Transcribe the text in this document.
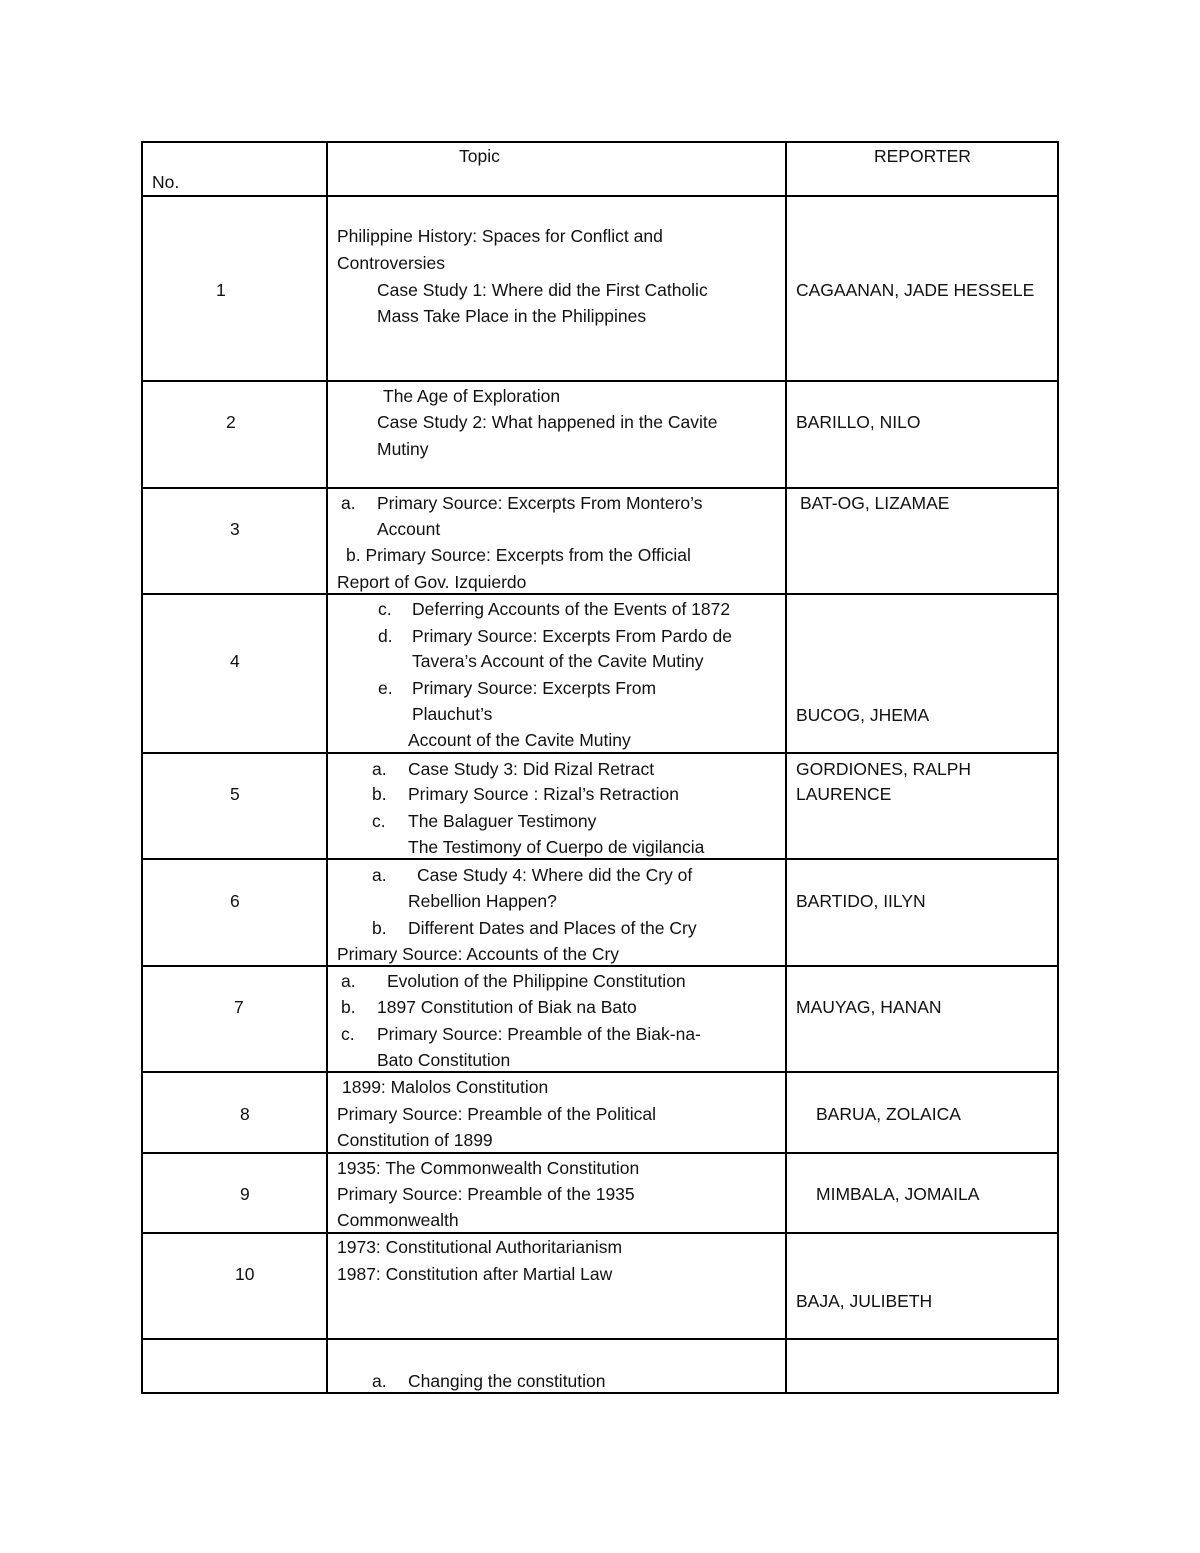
No.
Topic	REPORTER
1
Philippine History: Spaces for Conflict and
Controversies
Case Study 1: Where did the First Catholic
Mass Take Place in the Philippines
CAGAANAN, JADE HESSELE
2
The Age of Exploration
Case Study 2: What happened in the Cavite
Mutiny
BARILLO, NILO
3
a. Primary Source: Excerpts From Montero’s
Account
b. Primary Source: Excerpts from the Official
Report of Gov. Izquierdo
BAT-OG, LIZAMAE
4
c. Deferring Accounts of the Events of 1872
d. Primary Source: Excerpts From Pardo de
Tavera’s Account of the Cavite Mutiny
e. Primary Source: Excerpts From
Plauchut’s
Account of the Cavite Mutiny
BUCOG, JHEMA
5
a. Case Study 3: Did Rizal Retract
b. Primary Source : Rizal’s Retraction
c. The Balaguer Testimony
The Testimony of Cuerpo de vigilancia
GORDIONES, RALPH
LAURENCE
6
a. Case Study 4: Where did the Cry of
Rebellion Happen?
b. Different Dates and Places of the Cry
Primary Source: Accounts of the Cry
BARTIDO, IILYN
7
a. Evolution of the Philippine Constitution
b. 1897 Constitution of Biak na Bato
c. Primary Source: Preamble of the Biak-na-
Bato Constitution
MAUYAG, HANAN
8
1899: Malolos Constitution
Primary Source: Preamble of the Political
Constitution of 1899
BARUA, ZOLAICA
9
1935: The Commonwealth Constitution
Primary Source: Preamble of the 1935
Commonwealth
MIMBALA, JOMAILA
10
1973: Constitutional Authoritarianism
1987: Constitution after Martial Law
BAJA, JULIBETH
a. Changing the constitution
